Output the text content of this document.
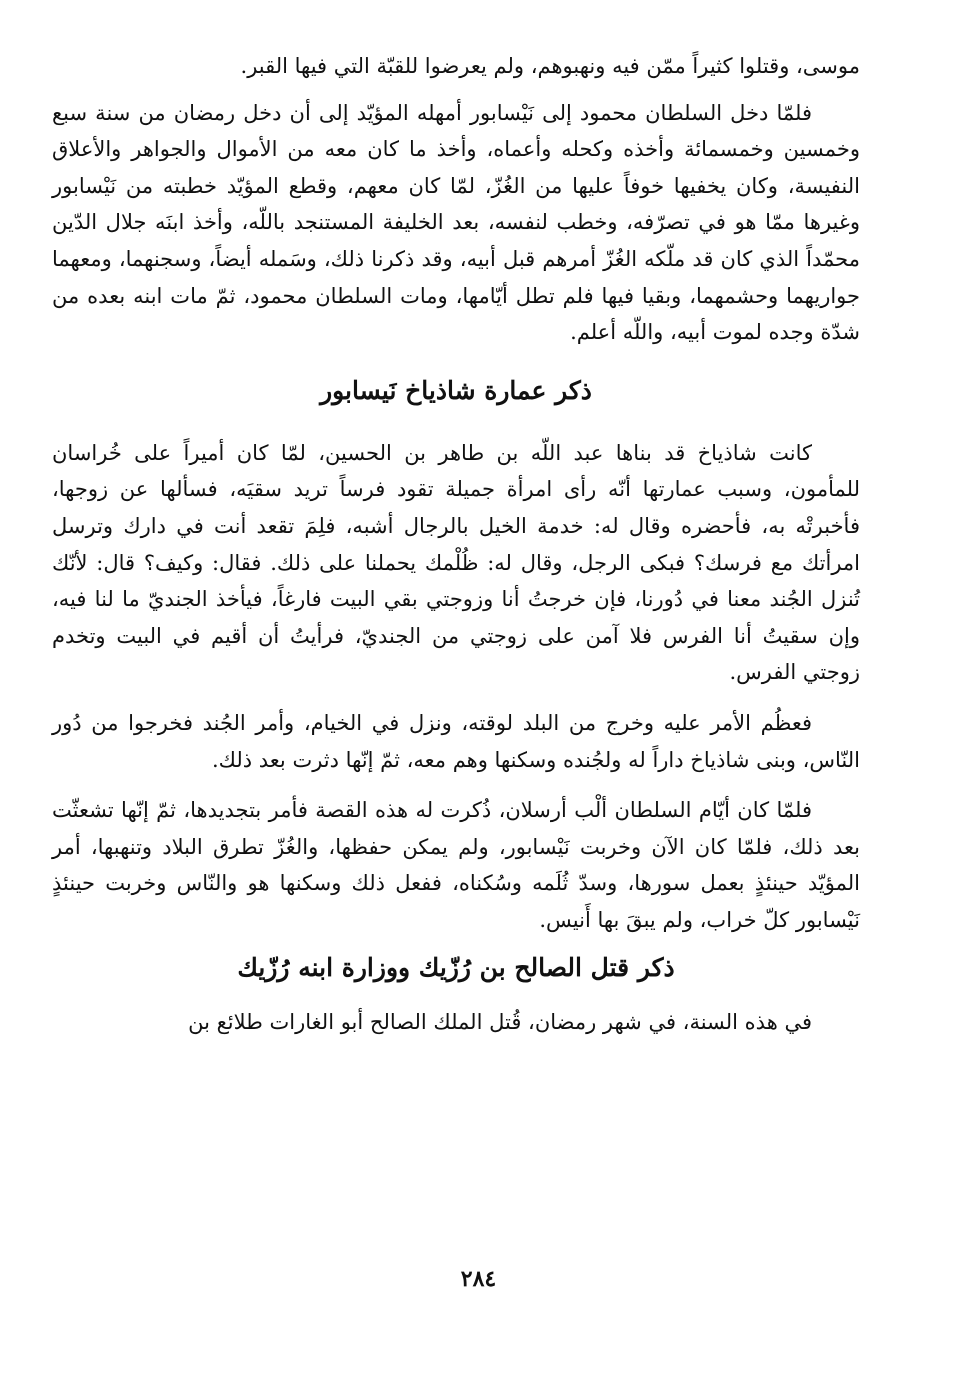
موسى، وقتلوا كثيراً ممّن فيه ونهبوهم، ولم يعرضوا للقبّة التي فيها القبر.

فلمّا دخل السلطان محمود إلى نَيْسابور أمهله المؤيّد إلى أن دخل رمضان من سنة سبع وخمسين وخمسمائة وأخذه وكحله وأعماه، وأخذ ما كان معه من الأموال والجواهر والأعلاق النفيسة، وكان يخفيها خوفاً عليها من الغُزّ، لمّا كان معهم، وقطع المؤيّد خطبته من نَيْسابور وغيرها ممّا هو في تصرّفه، وخطب لنفسه، بعد الخليفة المستنجد باللّه، وأخذ ابنَه جلال الدّين محمّداً الذي كان قد ملّكه الغُزّ أمرهم قبل أبيه، وقد ذكرنا ذلك، وسَمله أيضاً، وسجنهما، ومعهما جواريهما وحشمهما، وبقيا فيها فلم تطل أيّامها، ومات السلطان محمود، ثمّ مات ابنه بعده من شدّة وجده لموت أبيه، واللّه أعلم.

ذكر عمارة شاذياخ نَيسابور

كانت شاذياخ قد بناها عبد اللّه بن طاهر بن الحسين، لمّا كان أميراً على خُراسان للمأمون، وسبب عمارتها أنّه رأى امرأة جميلة تقود فرساً تريد سقيَه، فسألها عن زوجها، فأخبرتْه به، فأحضره وقال له: خدمة الخيل بالرجال أشبه، فلِمَ تقعد أنت في دارك وترسل امرأتك مع فرسك؟ فبكى الرجل، وقال له: ظُلْمك يحملنا على ذلك. فقال: وكيف؟ قال: لأنّك تُنزل الجُند معنا في دُورنا، فإن خرجتُ أنا وزوجتي بقي البيت فارغاً، فيأخذ الجنديّ ما لنا فيه، وإن سقيتُ أنا الفرس فلا آمن على زوجتي من الجنديّ، فرأيتُ أن أقيم في البيت وتخدم زوجتي الفرس.

فعظُم الأمر عليه وخرج من البلد لوقته، ونزل في الخيام، وأمر الجُند فخرجوا من دُور النّاس، وبنى شاذياخ داراً له ولجُنده وسكنها وهم معه، ثمّ إنّها دثرت بعد ذلك.

فلمّا كان أيّام السلطان ألْب أرسلان، ذُكرت له هذه القصة فأمر بتجديدها، ثمّ إنّها تشعثّت بعد ذلك، فلمّا كان الآن وخربت نَيْسابور، ولم يمكن حفظها، والغُزّ تطرق البلاد وتنهبها، أمر المؤيّد حينئذٍ بعمل سورها، وسدّ ثُلَمه وسُكناه، ففعل ذلك وسكنها هو والنّاس وخربت حينئذٍ نَيْسابور كلّ خراب، ولم يبقَ بها أَنيس.

ذكر قتل الصالح بن رُزّيك ووزارة ابنه رُزّيك

في هذه السنة، في شهر رمضان، قُتل الملك الصالح أبو الغارات طلائع بن

٢٨٤
